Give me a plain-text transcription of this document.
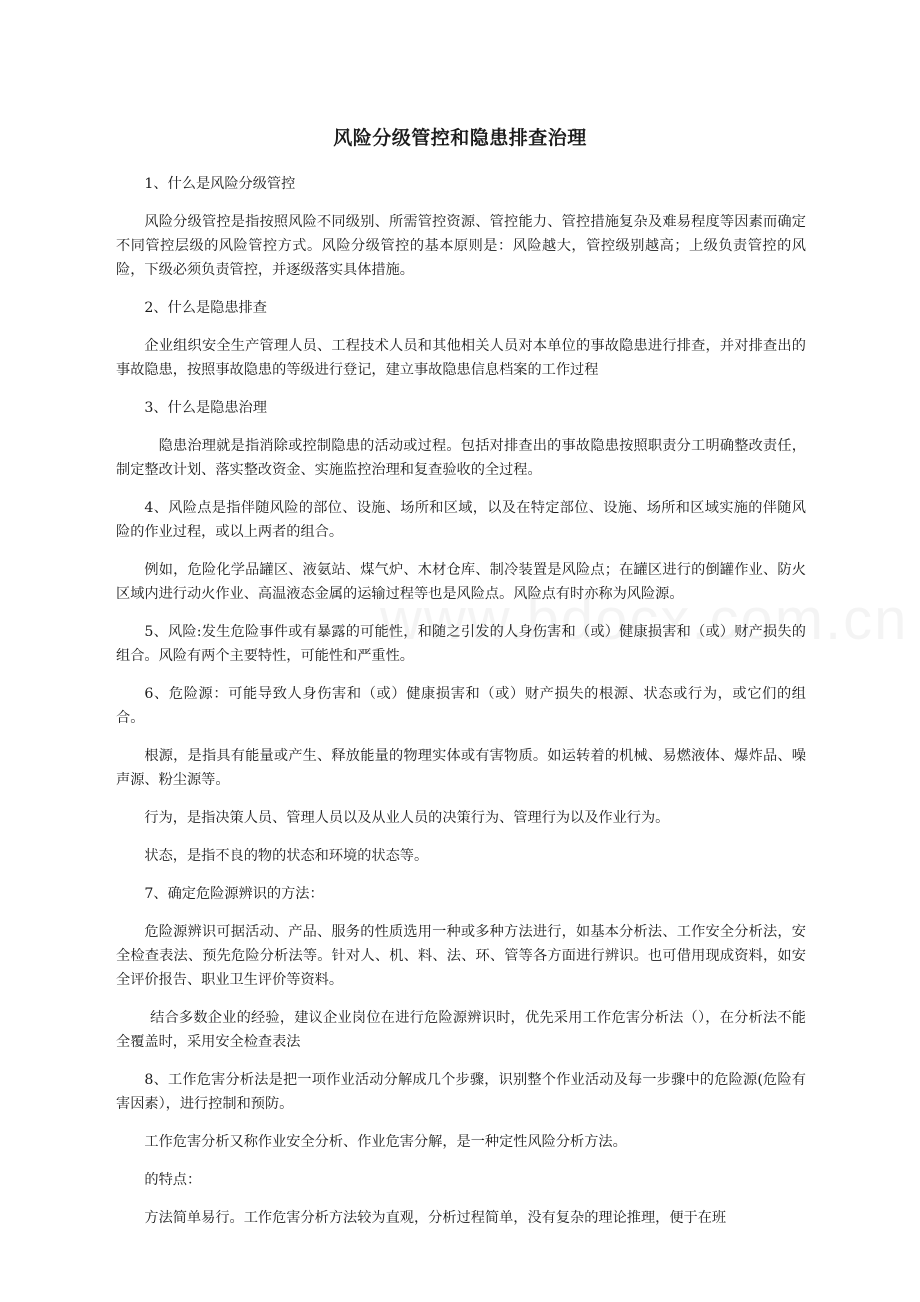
风险分级管控和隐患排查治理

1、什么是风险分级管控

风险分级管控是指按照风险不同级别、所需管控资源、管控能力、管控措施复杂及难易程度等因素而确定不同管控层级的风险管控方式。风险分级管控的基本原则是：风险越大，管控级别越高；上级负责管控的风险，下级必须负责管控，并逐级落实具体措施。

2、什么是隐患排查

企业组织安全生产管理人员、工程技术人员和其他相关人员对本单位的事故隐患进行排查，并对排查出的事故隐患，按照事故隐患的等级进行登记，建立事故隐患信息档案的工作过程

3、什么是隐患治理

隐患治理就是指消除或控制隐患的活动或过程。包括对排查出的事故隐患按照职责分工明确整改责任，制定整改计划、落实整改资金、实施监控治理和复查验收的全过程。

4、风险点是指伴随风险的部位、设施、场所和区域，以及在特定部位、设施、场所和区域实施的伴随风险的作业过程，或以上两者的组合。

例如，危险化学品罐区、液氨站、煤气炉、木材仓库、制冷装置是风险点；在罐区进行的倒罐作业、防火区域内进行动火作业、高温液态金属的运输过程等也是风险点。风险点有时亦称为风险源。

5、风险:发生危险事件或有暴露的可能性，和随之引发的人身伤害和（或）健康损害和（或）财产损失的组合。风险有两个主要特性，可能性和严重性。

6、危险源：可能导致人身伤害和（或）健康损害和（或）财产损失的根源、状态或行为，或它们的组合。

根源，是指具有能量或产生、释放能量的物理实体或有害物质。如运转着的机械、易燃液体、爆炸品、噪声源、粉尘源等。

行为，是指决策人员、管理人员以及从业人员的决策行为、管理行为以及作业行为。

状态，是指不良的物的状态和环境的状态等。

7、确定危险源辨识的方法：

危险源辨识可据活动、产品、服务的性质选用一种或多种方法进行，如基本分析法、工作安全分析法，安全检查表法、预先危险分析法等。针对人、机、料、法、环、管等各方面进行辨识。也可借用现成资料，如安全评价报告、职业卫生评价等资料。

结合多数企业的经验，建议企业岗位在进行危险源辨识时，优先采用工作危害分析法（），在分析法不能全覆盖时，采用安全检查表法

8、工作危害分析法是把一项作业活动分解成几个步骤，识别整个作业活动及每一步骤中的危险源(危险有害因素），进行控制和预防。

工作危害分析又称作业安全分析、作业危害分解，是一种定性风险分析方法。

的特点：

方法简单易行。工作危害分析方法较为直观，分析过程简单，没有复杂的理论推理，便于在班
